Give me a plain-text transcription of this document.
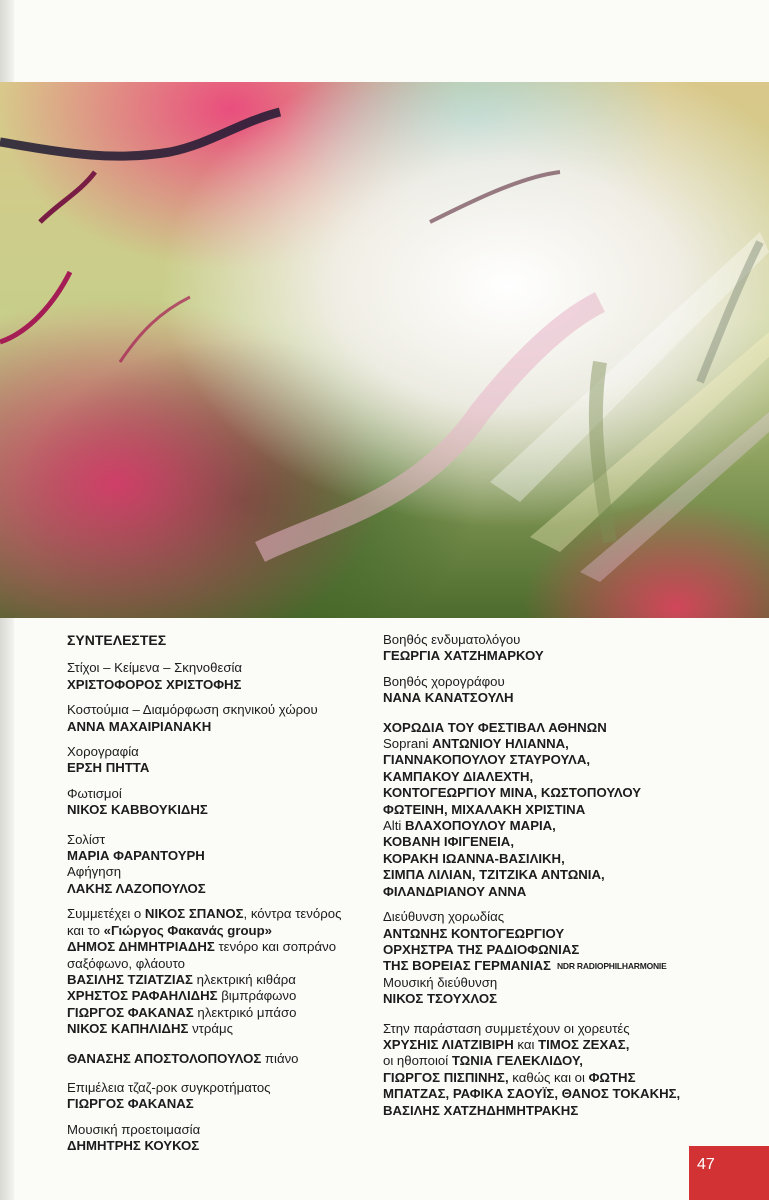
ΣΥΝΤΕΛΕΣΤΕΣ
Στίχοι – Κείμενα – Σκηνοθεσία
ΧΡΙΣΤΟΦΟΡΟΣ ΧΡΙΣΤΟΦΗΣ
Κοστούμια – Διαμόρφωση σκηνικού χώρου
ΑΝΝΑ ΜΑΧΑΙΡΙΑΝΑΚΗ
Χορογραφία
ΕΡΣΗ ΠΗΤΤΑ
Φωτισμοί
ΝΙΚΟΣ ΚΑΒΒΟΥΚΙΔΗΣ
Σολίστ
ΜΑΡΙΑ ΦΑΡΑΝΤΟΥΡΗ
Αφήγηση
ΛΑΚΗΣ ΛΑΖΟΠΟΥΛΟΣ
Συμμετέχει ο ΝΙΚΟΣ ΣΠΑΝΟΣ, κόντρα τενόρος
και το «Γιώργος Φακανάς group»
ΔΗΜΟΣ ΔΗΜΗΤΡΙΑΔΗΣ τενόρο και σοπράνο
σαξόφωνο, φλάουτο
ΒΑΣΙΛΗΣ ΤΖΙΑΤΖΙΑΣ ηλεκτρική κιθάρα
ΧΡΗΣΤΟΣ ΡΑΦΑΗΛΙΔΗΣ βιμπράφωνο
ΓΙΩΡΓΟΣ ΦΑΚΑΝΑΣ ηλεκτρικό μπάσο
ΝΙΚΟΣ ΚΑΠΗΛΙΔΗΣ ντράμς
ΘΑΝΑΣΗΣ ΑΠΟΣΤΟΛΟΠΟΥΛΟΣ πιάνο
Επιμέλεια τζαζ-ροκ συγκροτήματος
ΓΙΩΡΓΟΣ ΦΑΚΑΝΑΣ
Μουσική προετοιμασία
ΔΗΜΗΤΡΗΣ ΚΟΥΚΟΣ
Βοηθός ενδυματολόγου
ΓΕΩΡΓΙΑ ΧΑΤΖΗΜΑΡΚΟΥ
Βοηθός χορογράφου
ΝΑΝΑ ΚΑΝΑΤΣΟΥΛΗ
ΧΟΡΩΔΙΑ ΤΟΥ ΦΕΣΤΙΒΑΛ ΑΘΗΝΩΝ
Soprani ΑΝΤΩΝΙΟΥ ΗΛΙΑΝΝΑ,
ΓΙΑΝΝΑΚΟΠΟΥΛΟΥ ΣΤΑΥΡΟΥΛΑ,
ΚΑΜΠΑΚΟΥ ΔΙΑΛΕΧΤΗ,
ΚΟΝΤΟΓΕΩΡΓΙΟΥ ΜΙΝΑ, ΚΩΣΤΟΠΟΥΛΟΥ
ΦΩΤΕΙΝΗ, ΜΙΧΑΛΑΚΗ ΧΡΙΣΤΙΝΑ
Alti ΒΛΑΧΟΠΟΥΛΟΥ ΜΑΡΙΑ,
ΚΟΒΑΝΗ ΙΦΙΓΕΝΕΙΑ,
ΚΟΡΑΚΗ ΙΩΑΝΝΑ-ΒΑΣΙΛΙΚΗ,
ΣΙΜΠΑ ΛΙΛΙΑΝ, ΤΖΙΤΖΙΚΑ ΑΝΤΩΝΙΑ,
ΦΙΛΑΝΔΡΙΑΝΟΥ ΑΝΝΑ
Διεύθυνση χορωδίας
ΑΝΤΩΝΗΣ ΚΟΝΤΟΓΕΩΡΓΙΟΥ
ΟΡΧΗΣΤΡΑ ΤΗΣ ΡΑΔΙΟΦΩΝΙΑΣ
ΤΗΣ ΒΟΡΕΙΑΣ ΓΕΡΜΑΝΙΑΣ NDR RADIOPHILHARMONIE
Μουσική διεύθυνση
ΝΙΚΟΣ ΤΣΟΥΧΛΟΣ
Στην παράσταση συμμετέχουν οι χορευτές
ΧΡΥΣΗΙΣ ΛΙΑΤΖΙΒΙΡΗ και ΤΙΜΟΣ ΖΕΧΑΣ,
οι ηθοποιοί ΤΩΝΙΑ ΓΕΛΕΚΛΙΔΟΥ,
ΓΙΩΡΓΟΣ ΠΙΣΠΙΝΗΣ, καθώς και οι ΦΩΤΗΣ
ΜΠΑΤΖΑΣ, ΡΑΦΙΚΑ ΣΑΟΥΪΣ, ΘΑΝΟΣ ΤΟΚΑΚΗΣ,
ΒΑΣΙΛΗΣ ΧΑΤΖΗΔΗΜΗΤΡΑΚΗΣ
47
